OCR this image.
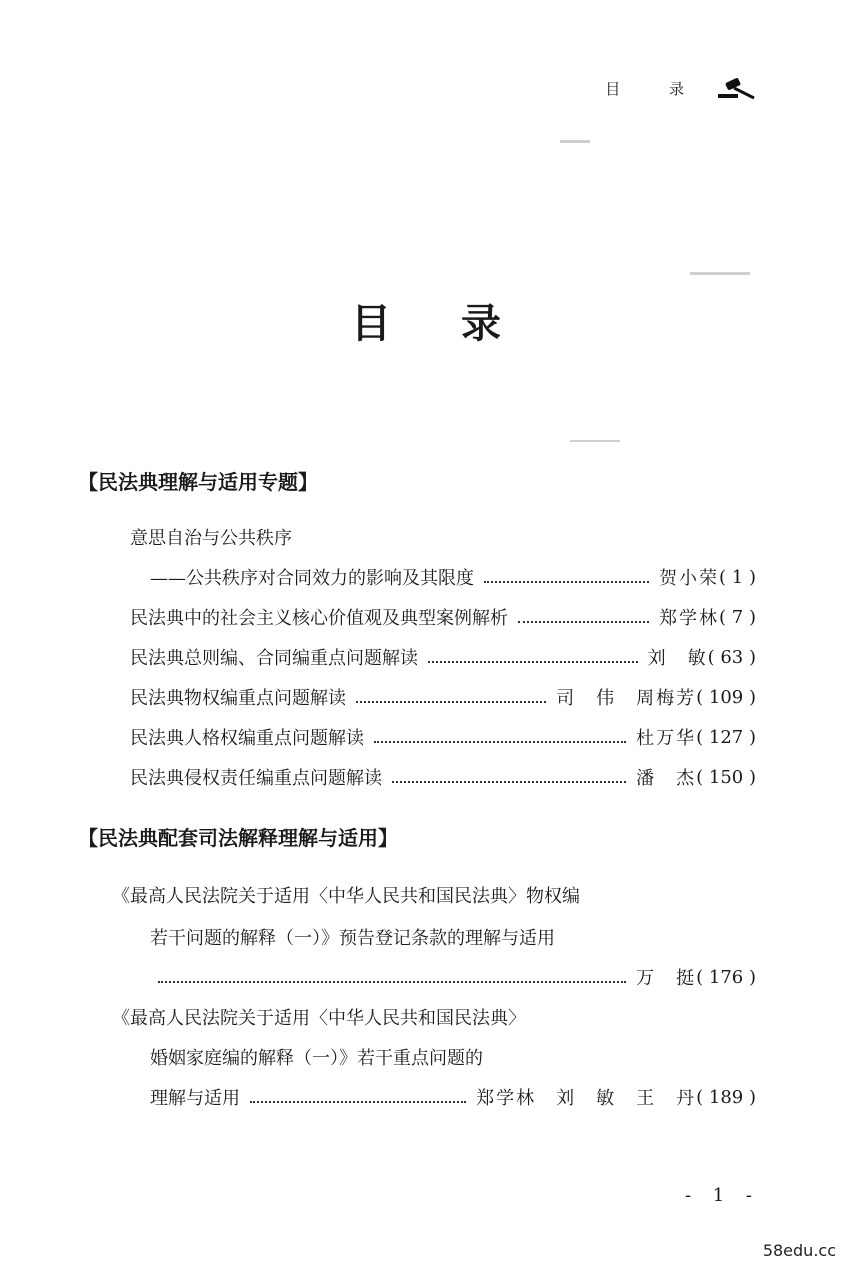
目 录
目录
【民法典理解与适用专题】
意思自治与公共秩序
——公共秩序对合同效力的影响及其限度	贺小荣 ( 1 )
民法典中的社会主义核心价值观及典型案例解析	郑学林 ( 7 )
民法典总则编、合同编重点问题解读	刘　敏 ( 63 )
民法典物权编重点问题解读	司　伟　周梅芳 ( 109 )
民法典人格权编重点问题解读	杜万华 ( 127 )
民法典侵权责任编重点问题解读	潘　杰 ( 150 )
【民法典配套司法解释理解与适用】
《最高人民法院关于适用〈中华人民共和国民法典〉物权编
若干问题的解释（一）》预告登记条款的理解与适用
万　挺 ( 176 )
《最高人民法院关于适用〈中华人民共和国民法典〉
婚姻家庭编的解释（一）》若干重点问题的
理解与适用	郑学林　刘　敏　王　丹 ( 189 )
- 1 -
58edu.cc
